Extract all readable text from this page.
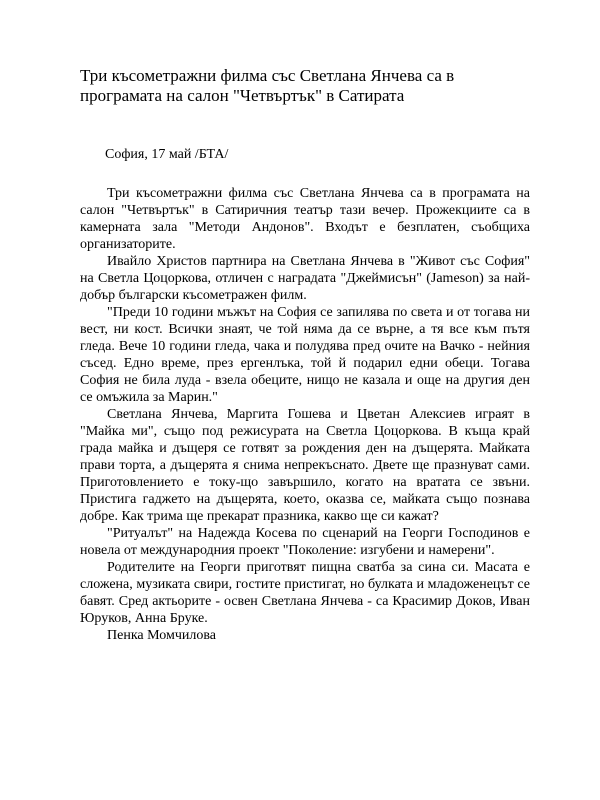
Три късометражни филма със Светлана Янчева са в програмата на салон "Четвъртък" в Сатирата
София, 17 май /БТА/

Три късометражни филма със Светлана Янчева са в програмата на салон "Четвъртък" в Сатиричния театър тази вечер. Прожекциите са в камерната зала "Методи Андонов". Входът е безплатен, съобщиха организаторите.

Ивайло Христов партнира на Светлана Янчева в "Живот със София" на Светла Цоцоркова, отличен с наградата "Джеймисън" (Jameson) за най-добър български късометражен филм.

"Преди 10 години мъжът на София се запилява по света и от тогава ни вест, ни кост. Всички знаят, че той няма да се върне, а тя все към пътя гледа. Вече 10 години гледа, чака и полудява пред очите на Вачко - нейния съсед. Едно време, през ергенлъка, той й подарил едни обеци. Тогава София не била луда - взела обеците, нищо не казала и още на другия ден се омъжила за Марин."

Светлана Янчева, Маргита Гошева и Цветан Алексиев играят в "Майка ми", също под режисурата на Светла Цоцоркова. В къща край града майка и дъщеря се готвят за рождения ден на дъщерята. Майката прави торта, а дъщерята я снима непрекъснато. Двете ще празнуват сами. Приготовлението е току-що завършило, когато на вратата се звъни. Пристига гаджето на дъщерята, което, оказва се, майката също познава добре. Как трима ще прекарат празника, какво ще си кажат?

"Ритуалът" на Надежда Косева по сценарий на Георги Господинов е новела от международния проект "Поколение: изгубени и намерени".

Родителите на Георги приготвят пищна сватба за сина си. Масата е сложена, музиката свири, гостите пристигат, но булката и младоженецът се бавят. Сред актьорите - освен Светлана Янчева - са Красимир Доков, Иван Юруков, Анна Бруке.

Пенка Момчилова
